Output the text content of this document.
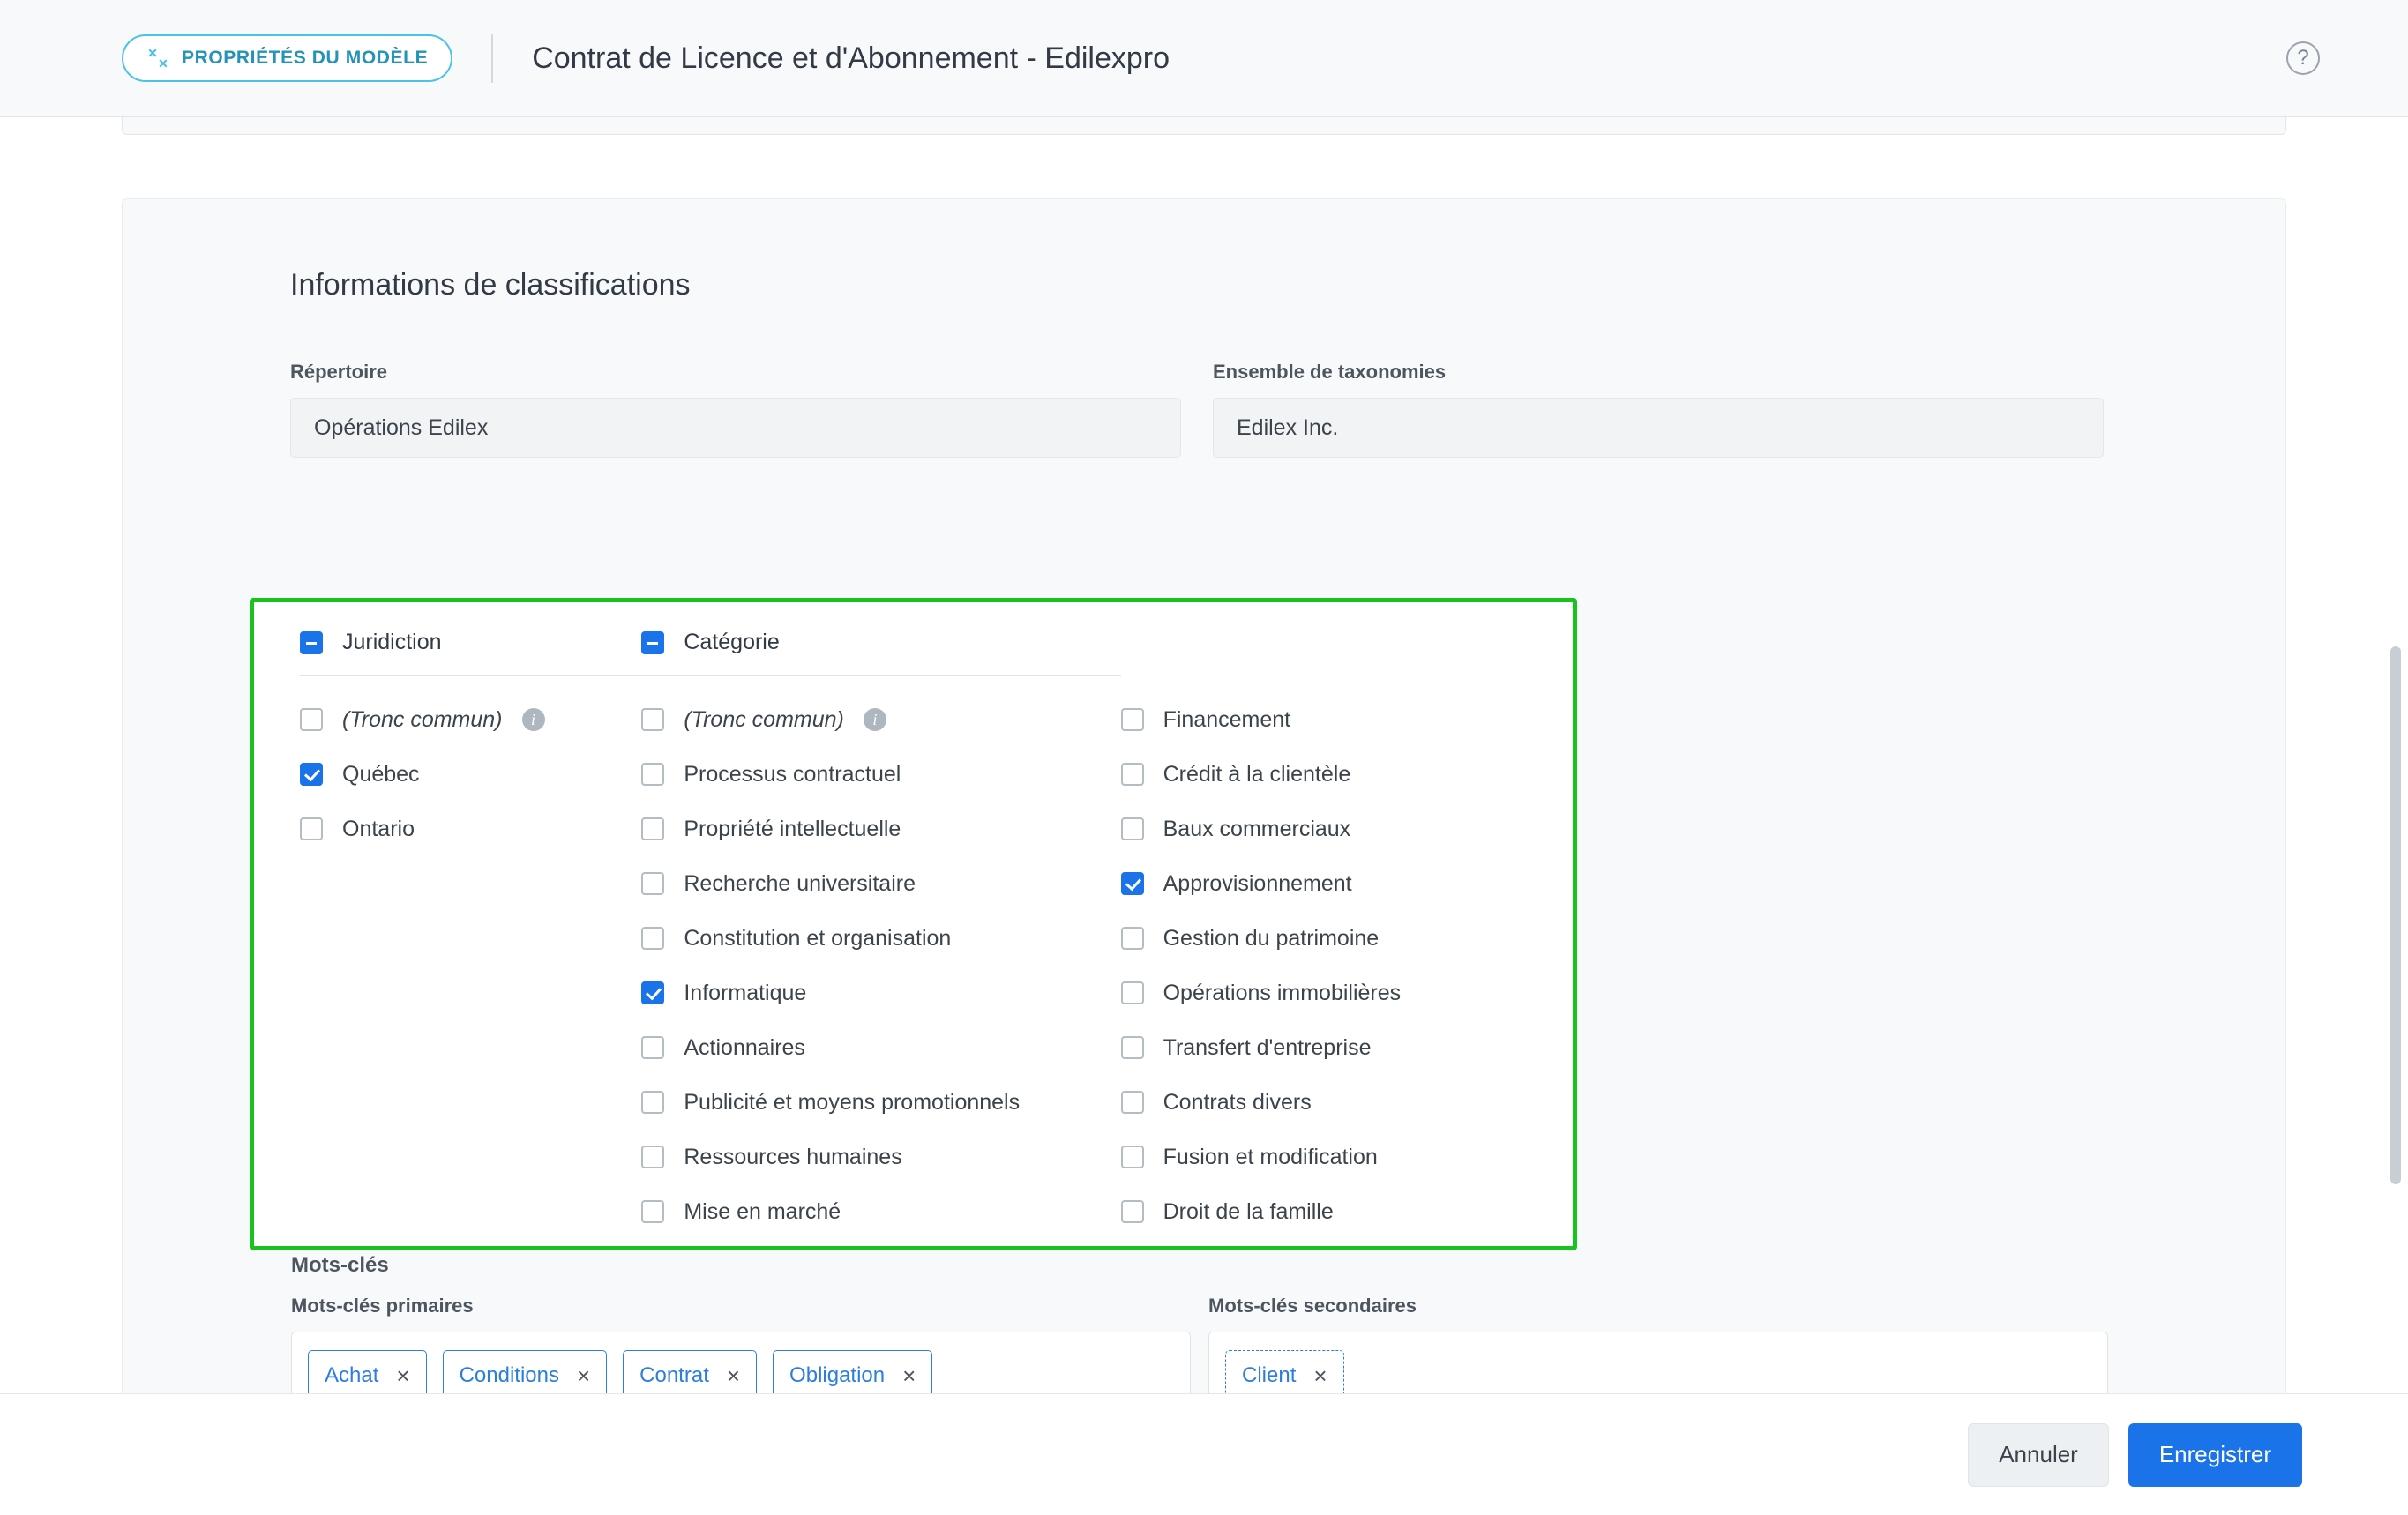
PROPRIÉTÉS DU MODÈLE	Contrat de Licence et d'Abonnement - Edilexpro	?
Informations de classifications
Répertoire
Opérations Edilex
Ensemble de taxonomies
Edilex Inc.
Juridiction
(Tronc commun)	i
Québec
Ontario
Catégorie
(Tronc commun)	i
Processus contractuel
Propriété intellectuelle
Recherche universitaire
Constitution et organisation
Informatique
Actionnaires
Publicité et moyens promotionnels
Ressources humaines
Mise en marché
Financement
Crédit à la clientèle
Baux commerciaux
Approvisionnement
Gestion du patrimoine
Opérations immobilières
Transfert d'entreprise
Contrats divers
Fusion et modification
Droit de la famille
Mots-clés
Mots-clés primaires
Achat × Conditions × Contrat × Obligation ×
Mots-clés secondaires
Client ×
Annuler	Enregistrer
